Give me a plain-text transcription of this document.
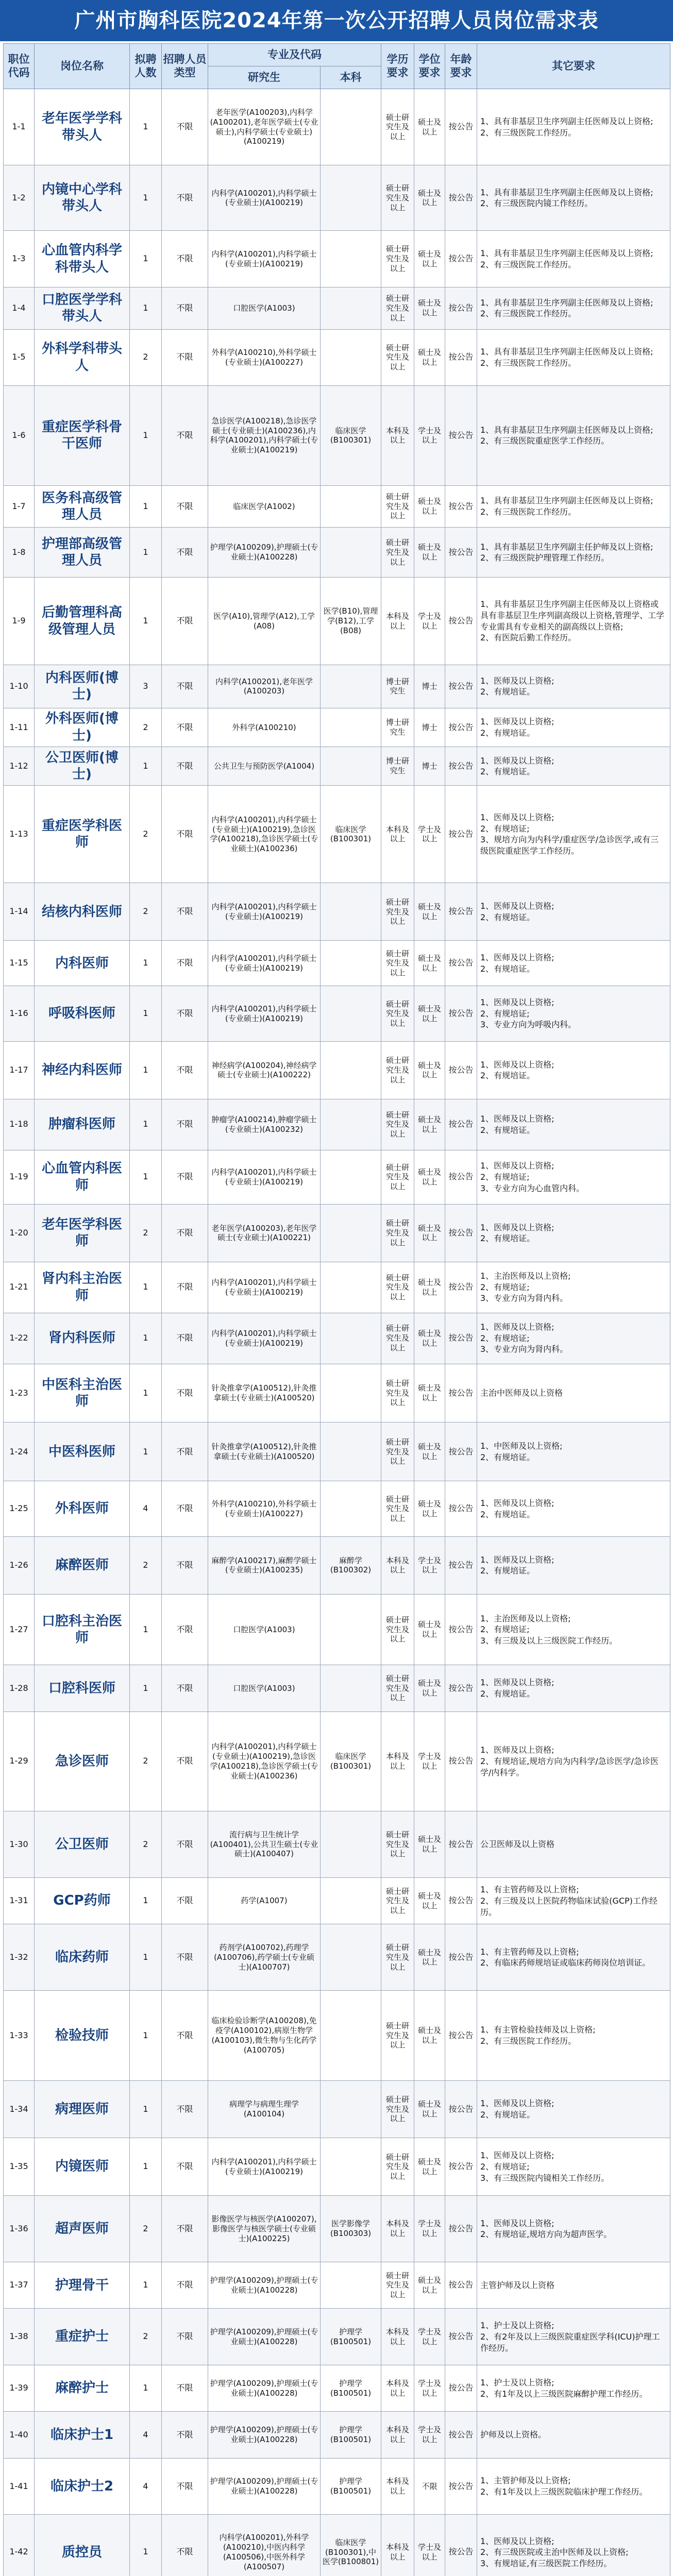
广州市胸科医院2024年第一次公开招聘人员岗位需求表
职位代码	岗位名称	拟聘人数	招聘人员类型	专业及代码		学历要求	学位要求	年龄要求	其它要求
				研究生	本科				
1-1	老年医学学科带头人	1	不限	老年医学(A100203),内科学(A100201),老年医学硕士(专业硕士),内科学硕士(专业硕士)(A100219)		硕士研究生及以上	硕士及以上	按公告	1、具有非基层卫生序列副主任医师及以上资格;
2、有三级医院工作经历。
1-2	内镜中心学科带头人	1	不限	内科学(A100201),内科学硕士(专业硕士)(A100219)		硕士研究生及以上	硕士及以上	按公告	1、具有非基层卫生序列副主任医师及以上资格;
2、有三级医院内镜工作经历。
1-3	心血管内科学科带头人	1	不限	内科学(A100201),内科学硕士(专业硕士)(A100219)		硕士研究生及以上	硕士及以上	按公告	1、具有非基层卫生序列副主任医师及以上资格;
2、有三级医院工作经历。
1-4	口腔医学学科带头人	1	不限	口腔医学(A1003)		硕士研究生及以上	硕士及以上	按公告	1、具有非基层卫生序列副主任医师及以上资格;
2、有三级医院工作经历。
1-5	外科学科带头人	2	不限	外科学(A100210),外科学硕士(专业硕士)(A100227)		硕士研究生及以上	硕士及以上	按公告	1、具有非基层卫生序列副主任医师及以上资格;
2、有三级医院工作经历。
1-6	重症医学科骨干医师	1	不限	急诊医学(A100218),急诊医学硕士(专业硕士)(A100236),内科学(A100201),内科学硕士(专业硕士)(A100219)	临床医学(B100301)	本科及以上	学士及以上	按公告	1、具有非基层卫生序列副主任医师及以上资格;
2、有三级医院重症医学工作经历。
1-7	医务科高级管理人员	1	不限	临床医学(A1002)		硕士研究生及以上	硕士及以上	按公告	1、具有非基层卫生序列副主任医师及以上资格;
2、有三级医院工作经历。
1-8	护理部高级管理人员	1	不限	护理学(A100209),护理硕士(专业硕士)(A100228)		硕士研究生及以上	硕士及以上	按公告	1、具有非基层卫生序列副主任护师及以上资格;
2、有三级医院护理管理工作经历。
1-9	后勤管理科高级管理人员	1	不限	医学(A10),管理学(A12),工学(A08)	医学(B10),管理学(B12),工学(B08)	本科及以上	学士及以上	按公告	1、具有非基层卫生序列副主任医师及以上资格或具有非基层卫生序列副高级以上资格,管理学、工学专业需具有专业相关的副高级以上资格;
2、有医院后勤工作经历。
1-10	内科医师(博士)	3	不限	内科学(A100201),老年医学(A100203)		博士研究生	博士	按公告	1、医师及以上资格;
2、有规培证。
1-11	外科医师(博士)	2	不限	外科学(A100210)		博士研究生	博士	按公告	1、医师及以上资格;
2、有规培证。
1-12	公卫医师(博士)	1	不限	公共卫生与预防医学(A1004)		博士研究生	博士	按公告	1、医师及以上资格;
2、有规培证。
1-13	重症医学科医师	2	不限	内科学(A100201),内科学硕士(专业硕士)(A100219),急诊医学(A100218),急诊医学硕士(专业硕士)(A100236)	临床医学(B100301)	本科及以上	学士及以上	按公告	1、医师及以上资格;
2、有规培证;
3、规培方向为内科学/重症医学/急诊医学,或有三级医院重症医学工作经历。
1-14	结核内科医师	2	不限	内科学(A100201),内科学硕士(专业硕士)(A100219)		硕士研究生及以上	硕士及以上	按公告	1、医师及以上资格;
2、有规培证。
1-15	内科医师	1	不限	内科学(A100201),内科学硕士(专业硕士)(A100219)		硕士研究生及以上	硕士及以上	按公告	1、医师及以上资格;
2、有规培证。
1-16	呼吸科医师	1	不限	内科学(A100201),内科学硕士(专业硕士)(A100219)		硕士研究生及以上	硕士及以上	按公告	1、医师及以上资格;
2、有规培证;
3、专业方向为呼吸内科。
1-17	神经内科医师	1	不限	神经病学(A100204),神经病学硕士(专业硕士)(A100222)		硕士研究生及以上	硕士及以上	按公告	1、医师及以上资格;
2、有规培证。
1-18	肿瘤科医师	1	不限	肿瘤学(A100214),肿瘤学硕士(专业硕士)(A100232)		硕士研究生及以上	硕士及以上	按公告	1、医师及以上资格;
2、有规培证。
1-19	心血管内科医师	1	不限	内科学(A100201),内科学硕士(专业硕士)(A100219)		硕士研究生及以上	硕士及以上	按公告	1、医师及以上资格;
2、有规培证;
3、专业方向为心血管内科。
1-20	老年医学科医师	2	不限	老年医学(A100203),老年医学硕士(专业硕士)(A100221)		硕士研究生及以上	硕士及以上	按公告	1、医师及以上资格;
2、有规培证。
1-21	肾内科主治医师	1	不限	内科学(A100201),内科学硕士(专业硕士)(A100219)		硕士研究生及以上	硕士及以上	按公告	1、主治医师及以上资格;
2、有规培证;
3、专业方向为肾内科。
1-22	肾内科医师	1	不限	内科学(A100201),内科学硕士(专业硕士)(A100219)		硕士研究生及以上	硕士及以上	按公告	1、医师及以上资格;
2、有规培证;
3、专业方向为肾内科。
1-23	中医科主治医师	1	不限	针灸推拿学(A100512),针灸推拿硕士(专业硕士)(A100520)		硕士研究生及以上	硕士及以上	按公告	主治中医师及以上资格
1-24	中医科医师	1	不限	针灸推拿学(A100512),针灸推拿硕士(专业硕士)(A100520)		硕士研究生及以上	硕士及以上	按公告	1、中医师及以上资格;
2、有规培证。
1-25	外科医师	4	不限	外科学(A100210),外科学硕士(专业硕士)(A100227)		硕士研究生及以上	硕士及以上	按公告	1、医师及以上资格;
2、有规培证。
1-26	麻醉医师	2	不限	麻醉学(A100217),麻醉学硕士(专业硕士)(A100235)	麻醉学(B100302)	本科及以上	学士及以上	按公告	1、医师及以上资格;
2、有规培证。
1-27	口腔科主治医师	1	不限	口腔医学(A1003)		硕士研究生及以上	硕士及以上	按公告	1、主治医师及以上资格;
2、有规培证;
3、有三级及以上三级医院工作经历。
1-28	口腔科医师	1	不限	口腔医学(A1003)		硕士研究生及以上	硕士及以上	按公告	1、医师及以上资格;
2、有规培证。
1-29	急诊医师	2	不限	内科学(A100201),内科学硕士(专业硕士)(A100219),急诊医学(A100218),急诊医学硕士(专业硕士)(A100236)	临床医学(B100301)	本科及以上	学士及以上	按公告	1、医师及以上资格;
2、有规培证,规培方向为内科学/急诊医学/急诊医学/内科学。
1-30	公卫医师	2	不限	流行病与卫生统计学(A100401),公共卫生硕士(专业硕士)(A100407)		硕士研究生及以上	硕士及以上	按公告	公卫医师及以上资格
1-31	GCP药师	1	不限	药学(A1007)		硕士研究生及以上	硕士及以上	按公告	1、有主管药师及以上资格;
2、有三级及以上医院药物临床试验(GCP)工作经历。
1-32	临床药师	1	不限	药剂学(A100702),药理学(A100706),药学硕士(专业硕士)(A100707)		硕士研究生及以上	硕士及以上	按公告	1、有主管药师及以上资格;
2、有临床药师规培证或临床药师岗位培训证。
1-33	检验技师	1	不限	临床检验诊断学(A100208),免疫学(A100102),病原生物学(A100103),微生物与生化药学(A100705)		硕士研究生及以上	硕士及以上	按公告	1、有主管检验技师及以上资格;
2、有三级医院工作经历。
1-34	病理医师	1	不限	病理学与病理生理学(A100104)		硕士研究生及以上	硕士及以上	按公告	1、医师及以上资格;
2、有规培证。
1-35	内镜医师	1	不限	内科学(A100201),内科学硕士(专业硕士)(A100219)		硕士研究生及以上	硕士及以上	按公告	1、医师及以上资格;
2、有规培证;
3、有三级医院内镜相关工作经历。
1-36	超声医师	2	不限	影像医学与核医学(A100207),影像医学与核医学硕士(专业硕士)(A100225)	医学影像学(B100303)	本科及以上	学士及以上	按公告	1、医师及以上资格;
2、有规培证,规培方向为超声医学。
1-37	护理骨干	1	不限	护理学(A100209),护理硕士(专业硕士)(A100228)		硕士研究生及以上	硕士及以上	按公告	主管护师及以上资格
1-38	重症护士	2	不限	护理学(A100209),护理硕士(专业硕士)(A100228)	护理学(B100501)	本科及以上	学士及以上	按公告	1、护士及以上资格;
2、有2年及以上三级医院重症医学科(ICU)护理工作经历。
1-39	麻醉护士	1	不限	护理学(A100209),护理硕士(专业硕士)(A100228)	护理学(B100501)	本科及以上	学士及以上	按公告	1、护士及以上资格;
2、有1年及以上三级医院麻醉护理工作经历。
1-40	临床护士1	4	不限	护理学(A100209),护理硕士(专业硕士)(A100228)	护理学(B100501)	本科及以上	学士及以上	按公告	护师及以上资格。
1-41	临床护士2	4	不限	护理学(A100209),护理硕士(专业硕士)(A100228)	护理学(B100501)	本科及以上	不限	按公告	1、主管护师及以上资格;
2、有1年及以上三级医院临床护理工作经历。
1-42	质控员	1	不限	内科学(A100201),外科学(A100210),中医内科学(A100506),中医外科学(A100507)	临床医学(B100301),中医学(B100801)	本科及以上	学士及以上	按公告	1、医师及以上资格;
2、有三级医院或主治中医师及以上资格;
3、有规培证,有三级医院工作经历。
